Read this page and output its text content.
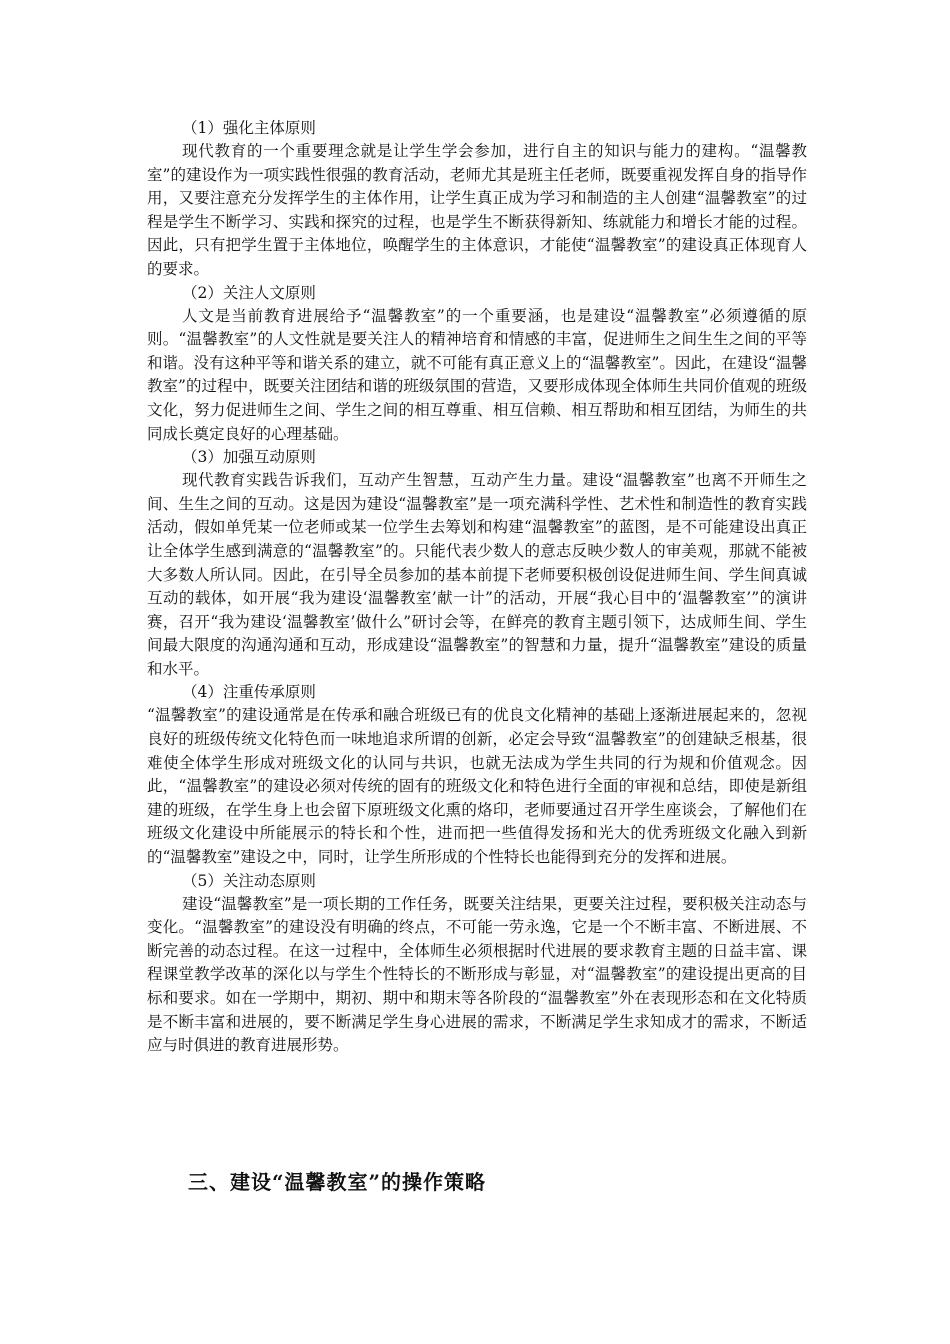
（1）强化主体原则

现代教育的一个重要理念就是让学生学会参加，进行自主的知识与能力的建构。“温馨教室”的建设作为一项实践性很强的教育活动，老师尤其是班主任老师，既要重视发挥自身的指导作用，又要注意充分发挥学生的主体作用，让学生真正成为学习和制造的主人创建“温馨教室”的过程是学生不断学习、实践和探究的过程，也是学生不断获得新知、练就能力和增长才能的过程。因此，只有把学生置于主体地位，唤醒学生的主体意识，才能使“温馨教室”的建设真正体现育人的要求。

（2）关注人文原则

人文是当前教育进展给予“温馨教室”的一个重要涵，也是建设“温馨教室”必须遵循的原则。“温馨教室”的人文性就是要关注人的精神培育和情感的丰富，促进师生之间生生之间的平等和谐。没有这种平等和谐关系的建立，就不可能有真正意义上的“温馨教室”。因此，在建设“温馨教室”的过程中，既要关注团结和谐的班级氛围的营造，又要形成体现全体师生共同价值观的班级文化，努力促进师生之间、学生之间的相互尊重、相互信赖、相互帮助和相互团结，为师生的共同成长奠定良好的心理基础。

（3）加强互动原则

现代教育实践告诉我们，互动产生智慧，互动产生力量。建设“温馨教室”也离不开师生之间、生生之间的互动。这是因为建设“温馨教室”是一项充满科学性、艺术性和制造性的教育实践活动，假如单凭某一位老师或某一位学生去筹划和构建“温馨教室”的蓝图，是不可能建设出真正让全体学生感到满意的“温馨教室”的。只能代表少数人的意志反映少数人的审美观，那就不能被大多数人所认同。因此，在引导全员参加的基本前提下老师要积极创设促进师生间、学生间真诚互动的载体，如开展“我为建设‘温馨教室’献一计”的活动，开展“我心目中的‘温馨教室’”的演讲赛，召开“我为建设‘温馨教室’做什么”研讨会等，在鲜亮的教育主题引领下，达成师生间、学生间最大限度的沟通沟通和互动，形成建设“温馨教室”的智慧和力量，提升“温馨教室”建设的质量和水平。

（4）注重传承原则

“温馨教室”的建设通常是在传承和融合班级已有的优良文化精神的基础上逐渐进展起来的，忽视良好的班级传统文化特色而一味地追求所谓的创新，必定会导致“温馨教室”的创建缺乏根基，很难使全体学生形成对班级文化的认同与共识，也就无法成为学生共同的行为规和价值观念。因此，“温馨教室”的建设必须对传统的固有的班级文化和特色进行全面的审视和总结，即使是新组建的班级，在学生身上也会留下原班级文化熏的烙印，老师要通过召开学生座谈会，了解他们在班级文化建设中所能展示的特长和个性，进而把一些值得发扬和光大的优秀班级文化融入到新的“温馨教室”建设之中，同时，让学生所形成的个性特长也能得到充分的发挥和进展。

（5）关注动态原则

建设“温馨教室”是一项长期的工作任务，既要关注结果，更要关注过程，要积极关注动态与变化。“温馨教室”的建设没有明确的终点，不可能一劳永逸，它是一个不断丰富、不断进展、不断完善的动态过程。在这一过程中，全体师生必须根据时代进展的要求教育主题的日益丰富、课程课堂教学改革的深化以与学生个性特长的不断形成与彰显，对“温馨教室”的建设提出更高的目标和要求。如在一学期中，期初、期中和期末等各阶段的“温馨教室”外在表现形态和在文化特质是不断丰富和进展的，要不断满足学生身心进展的需求，不断满足学生求知成才的需求，不断适应与时俱进的教育进展形势。

三、建设“温馨教室”的操作策略
